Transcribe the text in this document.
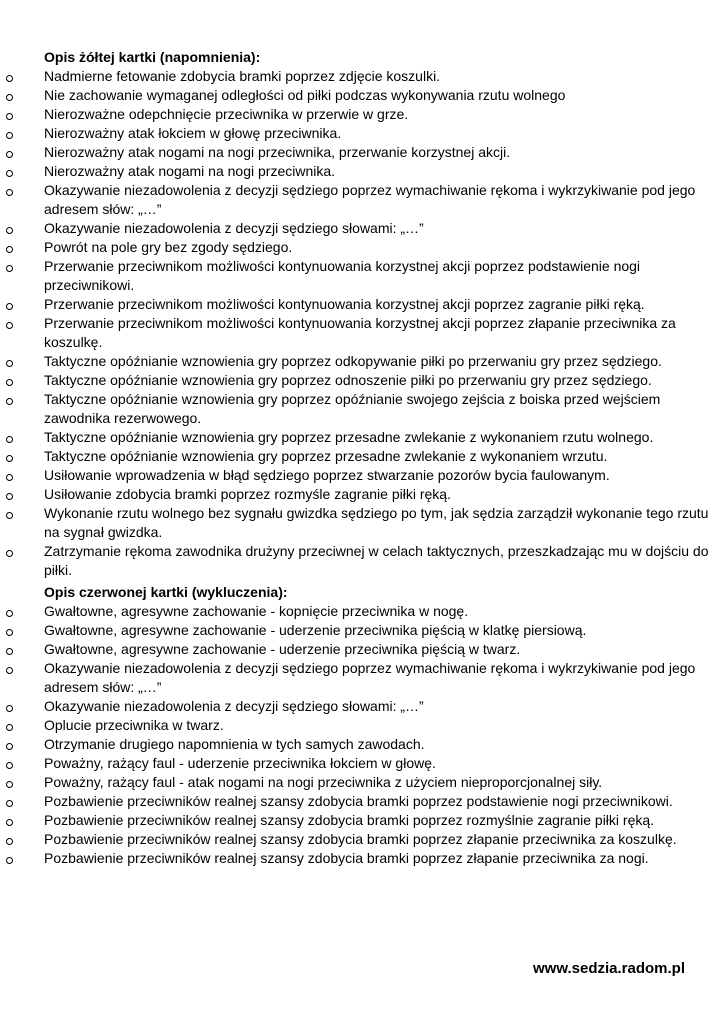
Opis żółtej kartki (napomnienia):
Nadmierne fetowanie zdobycia bramki poprzez zdjęcie koszulki.
Nie zachowanie wymaganej odległości od piłki podczas wykonywania rzutu wolnego
Nierozważne odepchnięcie przeciwnika w przerwie w grze.
Nierozważny atak łokciem w głowę przeciwnika.
Nierozważny atak nogami na nogi przeciwnika, przerwanie korzystnej akcji.
Nierozważny atak nogami na nogi przeciwnika.
Okazywanie niezadowolenia z decyzji sędziego poprzez wymachiwanie rękoma i wykrzykiwanie pod jego adresem słów: „…”
Okazywanie niezadowolenia z decyzji sędziego słowami: „…”
Powrót na pole gry bez zgody sędziego.
Przerwanie przeciwnikom możliwości kontynuowania korzystnej akcji poprzez podstawienie nogi przeciwnikowi.
Przerwanie przeciwnikom możliwości kontynuowania korzystnej akcji poprzez zagranie piłki ręką.
Przerwanie przeciwnikom możliwości kontynuowania korzystnej akcji poprzez złapanie przeciwnika za koszulkę.
Taktyczne opóźnianie wznowienia gry poprzez odkopywanie piłki po przerwaniu gry przez sędziego.
Taktyczne opóźnianie wznowienia gry poprzez odnoszenie piłki po przerwaniu gry przez sędziego.
Taktyczne opóźnianie wznowienia gry poprzez opóźnianie swojego zejścia z boiska przed wejściem zawodnika rezerwowego.
Taktyczne opóźnianie wznowienia gry poprzez przesadne zwlekanie z wykonaniem rzutu wolnego.
Taktyczne opóźnianie wznowienia gry poprzez przesadne zwlekanie z wykonaniem wrzutu.
Usiłowanie wprowadzenia w błąd sędziego poprzez stwarzanie pozorów bycia faulowanym.
Usiłowanie zdobycia bramki poprzez rozmyśle zagranie piłki ręką.
Wykonanie rzutu wolnego bez sygnału gwizdka sędziego po tym, jak sędzia zarządził wykonanie tego rzutu na sygnał gwizdka.
Zatrzymanie rękoma zawodnika drużyny przeciwnej w celach taktycznych, przeszkadzając mu w dojściu do piłki.
Opis czerwonej kartki (wykluczenia):
Gwałtowne, agresywne zachowanie - kopnięcie przeciwnika w nogę.
Gwałtowne, agresywne zachowanie - uderzenie przeciwnika pięścią w klatkę piersiową.
Gwałtowne, agresywne zachowanie - uderzenie przeciwnika pięścią w twarz.
Okazywanie niezadowolenia z decyzji sędziego poprzez wymachiwanie rękoma i wykrzykiwanie pod jego adresem słów: „…”
Okazywanie niezadowolenia z decyzji sędziego słowami: „…”
Oplucie przeciwnika w twarz.
Otrzymanie drugiego napomnienia w tych samych zawodach.
Poważny, rażący faul - uderzenie przeciwnika łokciem w głowę.
Poważny, rażący faul - atak nogami na nogi przeciwnika z użyciem nieproporcjonalnej siły.
Pozbawienie przeciwników realnej szansy zdobycia bramki poprzez podstawienie nogi przeciwnikowi.
Pozbawienie przeciwników realnej szansy zdobycia bramki poprzez rozmyślnie zagranie piłki ręką.
Pozbawienie przeciwników realnej szansy zdobycia bramki poprzez złapanie przeciwnika za koszulkę.
Pozbawienie przeciwników realnej szansy zdobycia bramki poprzez złapanie przeciwnika za nogi.
www.sedzia.radom.pl
